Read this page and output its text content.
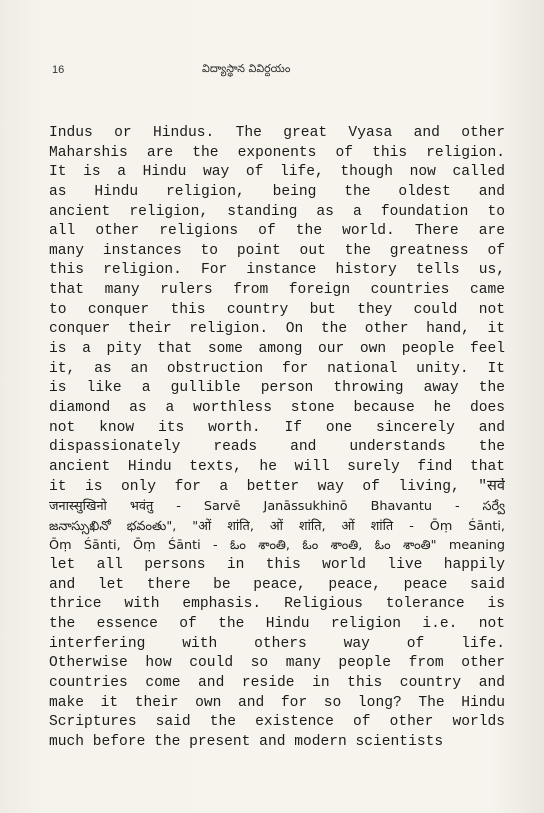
16	విద్యాస్థాన వివిర్దయం
Indus or Hindus. The great Vyasa and other
Maharshis are the exponents of this religion.
It is a Hindu way of life, though now called
as Hindu religion, being the oldest and
ancient religion, standing as a foundation to
all other religions of the world. There are
many instances to point out the greatness of
this religion. For instance history tells us,
that many rulers from foreign countries came
to conquer this country but they could not
conquer their religion. On the other hand, it
is a pity that some among our own people feel
it, as an obstruction for national unity. It
is like a gullible person throwing away the
diamond as a worthless stone because he does
not know its worth. If one sincerely and
dispassionately reads and understands the
ancient Hindu texts, he will surely find that
it is only for a better way of living, "सर्वे
जनास्सुखिनो भवंतु - Sarvē Janāssukhinō Bhavantu - సర్వే
జనాస్సుఖినో భవంతు", "ओं शांति, ओं शांति, ओं शांति - Ōṃ Śānti,
Ōṃ Śānti, Ōṃ Śānti - ఓం శాంతి, ఓం శాంతి, ఓం శాంతి" meaning
let all persons in this world live happily
and let there be peace, peace, peace said
thrice with emphasis. Religious tolerance is
the essence of the Hindu religion i.e. not
interfering with others way of life.
Otherwise how could so many people from other
countries come and reside in this country and
make it their own and for so long? The Hindu
Scriptures said the existence of other worlds
much before the present and modern scientists
